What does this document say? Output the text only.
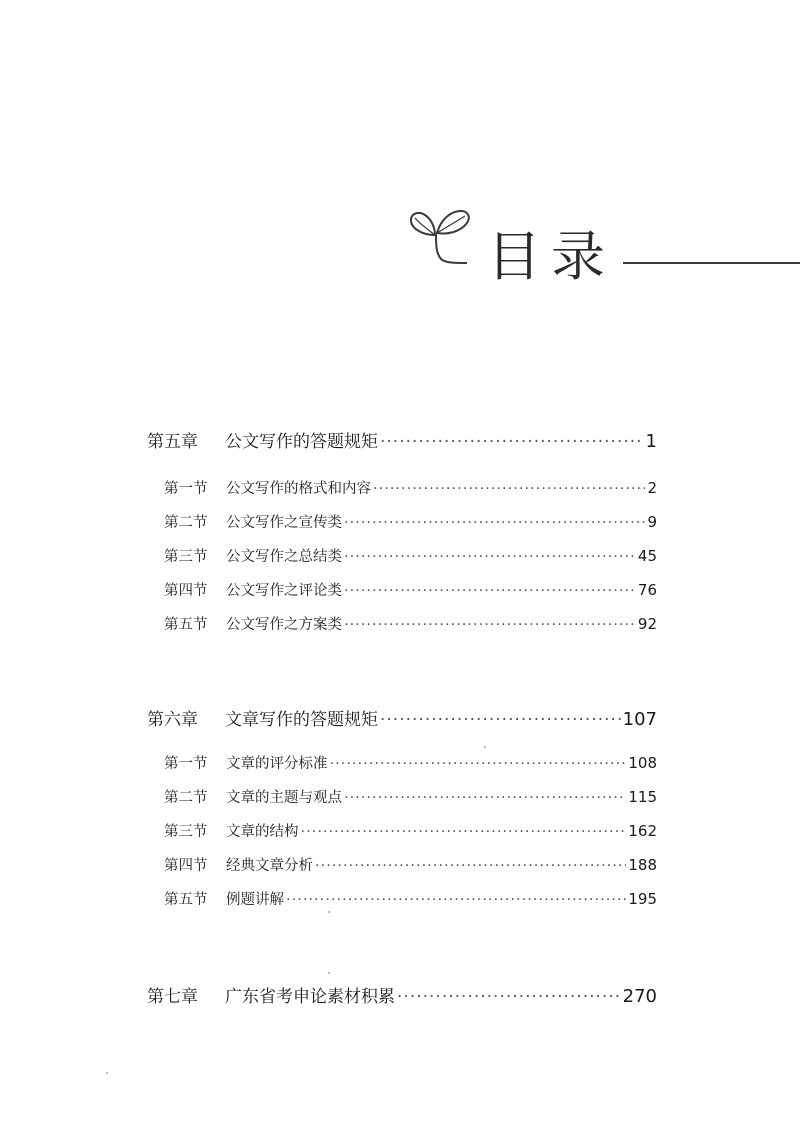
目录
第五章	公文写作的答题规矩 ·····	1
第一节	公文写作的格式和内容 ·····	2
第二节	公文写作之宣传类 ·····	9
第三节	公文写作之总结类 ·····	45
第四节	公文写作之评论类 ·····	76
第五节	公文写作之方案类 ·····	92
第六章	文章写作的答题规矩 ·····	107
第一节	文章的评分标准 ·····	108
第二节	文章的主题与观点 ·····	115
第三节	文章的结构 ·····	162
第四节	经典文章分析 ·····	188
第五节	例题讲解 ·····	195
第七章	广东省考申论素材积累 ·····	270
